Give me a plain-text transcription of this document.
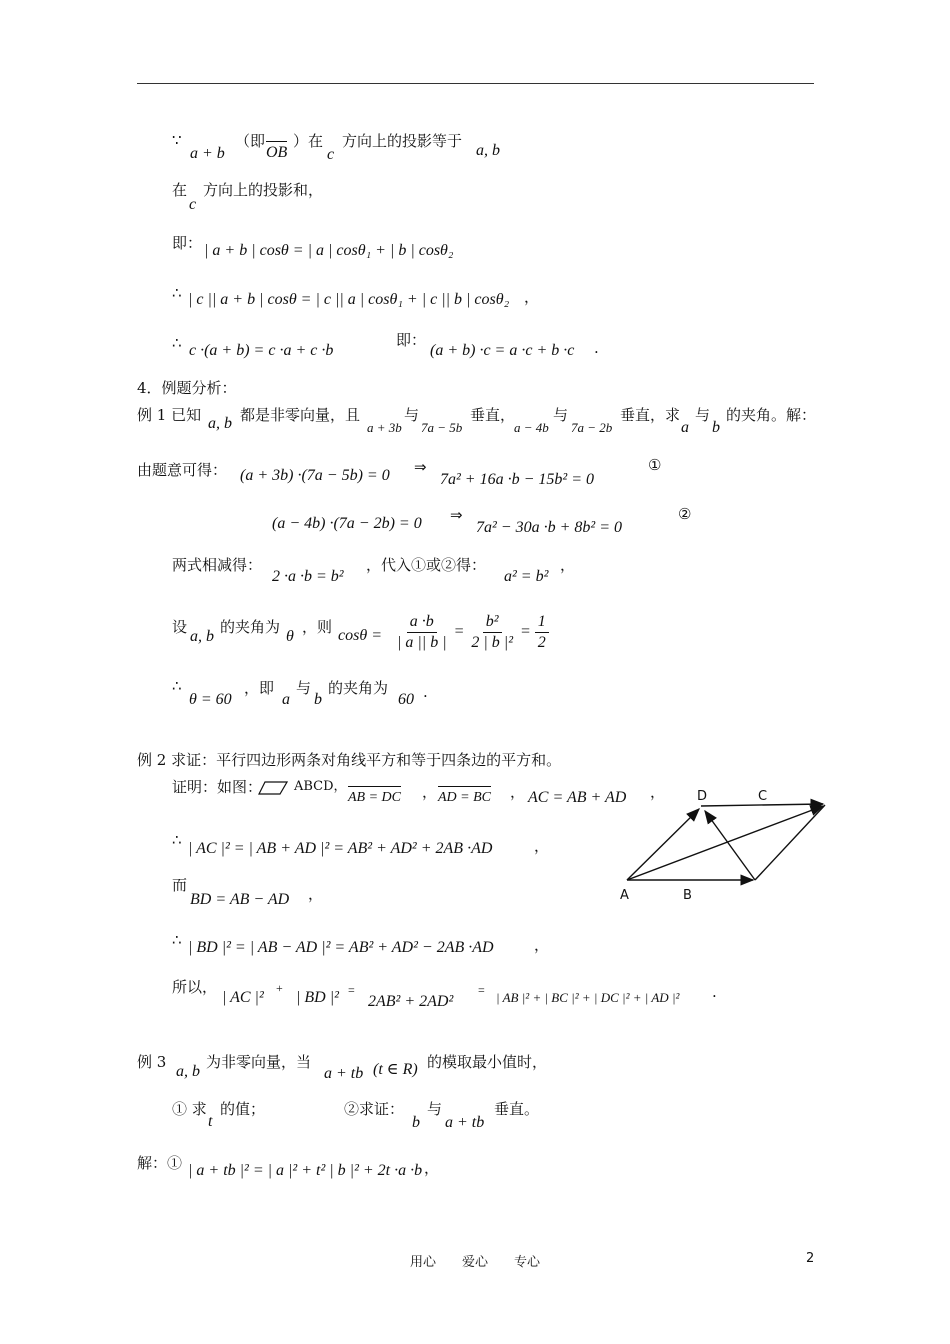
∵
a + b
（即
OB
）在
c
方向上的投影等于
a, b
在
c
方向上的投影和，
即： | a + b | cosθ = | a | cosθ₁ + | b | cosθ₂
∴ | c || a + b | cosθ = | c || a | cosθ₁ + | c || b | cosθ₂ ，
∴ c ·(a + b) = c ·a + c ·b
即：
(a + b) ·c = a ·c + b ·c .
4．例题分析：
例 1 已知 a, b 都是非零向量，且
a + 3b
与
7a − 5b
垂直，
a − 4b
与
7a − 2b
垂直，求
a
与
b
的夹角。解：
由题意可得： (a + 3b) ·(7a − 5b) = 0 ⇒
7a² + 16a ·b − 15b² = 0
①
(a − 4b) ·(7a − 2b) = 0 ⇒
7a² − 30a ·b + 8b² = 0
②
两式相减得：
2 ·a ·b = b²
，代入①或②得：
a² = b²
，
设
a, b
的夹角为
θ
，则 $\cos\theta = \frac{a \cdot b}{| a || b |} = \frac{\text{b²}}{\text{2 | b |²}} = \frac{1}{2}$
∴
θ = 60
，即
a
与
b
的夹角为
60 .
例 2 求证：平行四边形两条对角线平方和等于四条边的平方和。
证明：如图： ABCD，
AB = DC ， AD = BC ， AC = AB + AD ，
∴ | AC |² = | AB + AD |² = AB² + AD² + 2AB ·AD	，
而
BD = AB − AD ，
∴ | BD |² = | AB − AD |² = AB² + AD² − 2AB ·AD	，
所以，
| AC |²
+
| BD |² =
2AB² + 2AD²
= | AB |² + | BC |² + | DC |² + | AD |² .
D	C
A	B
例 3
a, b
为非零向量，当
a + tb (t ∈ R) 的模取最小值时，
① 求
t
的值；	②求证：
b
与
a + tb
垂直。
解：① | a + tb |² = | a |² + t² | b |² + 2t ·a ·b ，
用心　　爱心　　专心	2
